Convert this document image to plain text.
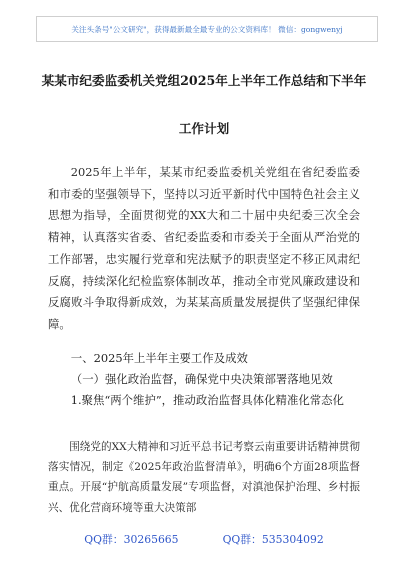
关注头条号"公文研究"，获得最新最全最专业的公文资料库！ 微信：gongwenyj
某某市纪委监委机关党组2025年上半年工作总结和下半年
工作计划

2025年上半年，某某市纪委监委机关党组在省纪委监委和市委的坚强领导下，坚持以习近平新时代中国特色社会主义思想为指导，全面贯彻党的XX大和二十届中央纪委三次全会精神，认真落实省委、省纪委监委和市委关于全面从严治党的工作部署，忠实履行党章和宪法赋予的职责坚定不移正风肃纪反腐，持续深化纪检监察体制改革，推动全市党风廉政建设和反腐败斗争取得新成效，为某某高质量发展提供了坚强纪律保障。

一、2025年上半年主要工作及成效

（一）强化政治监督，确保党中央决策部署落地见效

1.聚焦“两个维护”，推动政治监督具体化精准化常态化

围绕党的XX大精神和习近平总书记考察云南重要讲话精神贯彻落实情况，制定《2025年政治监督清单》，明确6个方面28项监督重点。开展“护航高质量发展”专项监督，对滇池保护治理、乡村振兴、优化营商环境等重大决策部

QQ群：30265665	QQ群：535304092
